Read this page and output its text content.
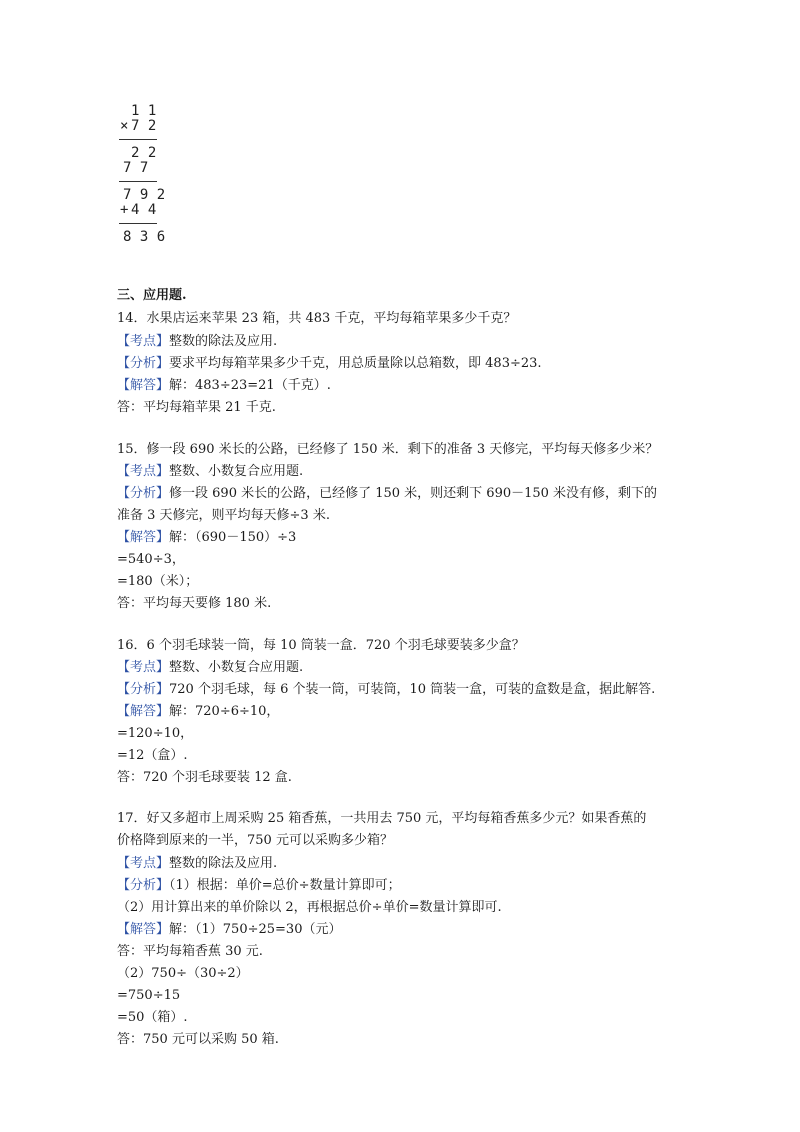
1 1
× 7 2
2 2
7 7
7 9 2
+ 4 4
8 3 6
三、应用题.
14．水果店运来苹果 23 箱，共 483 千克，平均每箱苹果多少千克？
【考点】整数的除法及应用.
【分析】要求平均每箱苹果多少千克，用总质量除以总箱数，即 483÷23.
【解答】解：483÷23=21（千克）.
答：平均每箱苹果 21 千克.
15．修一段 690 米长的公路，已经修了 150 米．剩下的准备 3 天修完，平均每天修多少米？
【考点】整数、小数复合应用题.
【分析】修一段 690 米长的公路，已经修了 150 米，则还剩下 690－150 米没有修，剩下的
准备 3 天修完，则平均每天修÷3 米.
【解答】解：（690－150）÷3
=540÷3，
=180（米）；
答：平均每天要修 180 米.
16．6 个羽毛球装一筒，每 10 筒装一盒．720 个羽毛球要装多少盒？
【考点】整数、小数复合应用题.
【分析】720 个羽毛球，每 6 个装一筒，可装筒，10 筒装一盒，可装的盒数是盒，据此解答.
【解答】解：720÷6÷10，
=120÷10，
=12（盒）.
答：720 个羽毛球要装 12 盒.
17．好又多超市上周采购 25 箱香蕉，一共用去 750 元，平均每箱香蕉多少元？如果香蕉的
价格降到原来的一半，750 元可以采购多少箱？
【考点】整数的除法及应用.
【分析】（1）根据：单价=总价÷数量计算即可；
（2）用计算出来的单价除以 2，再根据总价÷单价=数量计算即可.
【解答】解：（1）750÷25=30（元）
答：平均每箱香蕉 30 元.
（2）750÷（30÷2）
=750÷15
=50（箱）.
答：750 元可以采购 50 箱.
